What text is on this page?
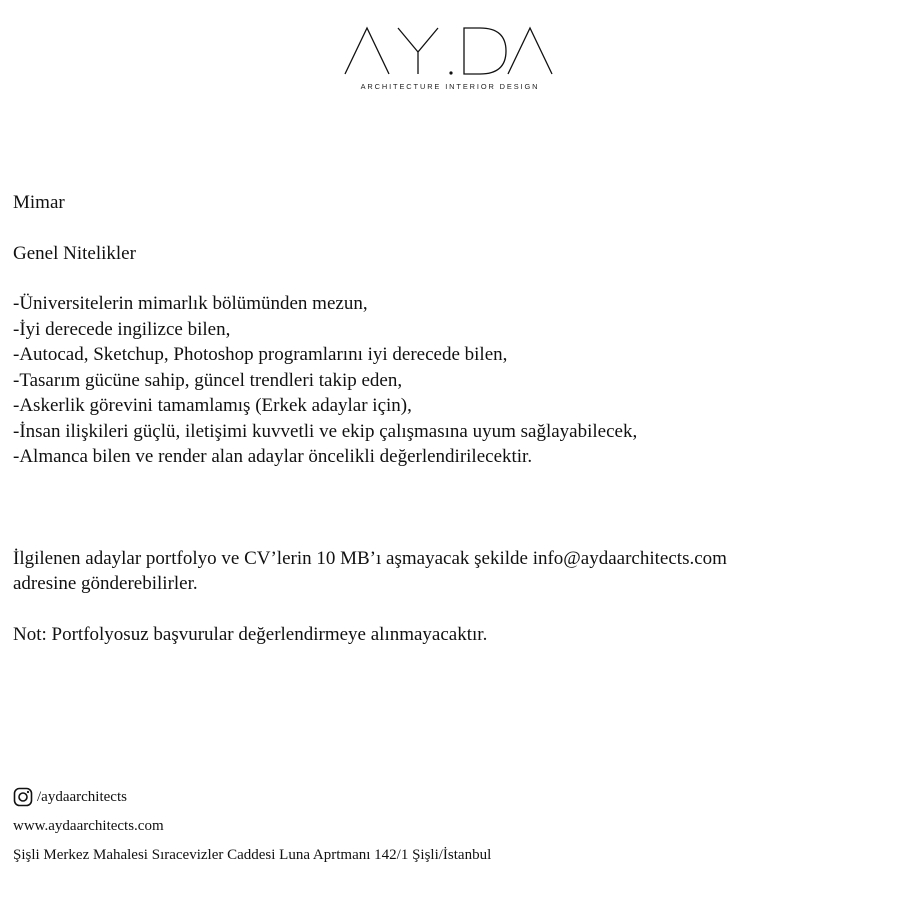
ARCHITECTURE INTERIOR DESIGN

Mimar

Genel Nitelikler

-Üniversitelerin mimarlık bölümünden mezun,
-İyi derecede ingilizce bilen,
-Autocad, Sketchup, Photoshop programlarını iyi derecede bilen,
-Tasarım gücüne sahip, güncel trendleri takip eden,
-Askerlik görevini tamamlamış (Erkek adaylar için),
-İnsan ilişkileri güçlü, iletişimi kuvvetli ve ekip çalışmasına uyum sağlayabilecek,
-Almanca bilen ve render alan adaylar öncelikli değerlendirilecektir.

İlgilenen adaylar portfolyo ve CV’lerin 10 MB’ı aşmayacak şekilde info@aydaarchitects.com
adresine gönderebilirler.

Not: Portfolyosuz başvurular değerlendirmeye alınmayacaktır.

/aydaarchitects
www.aydaarchitects.com
Şişli Merkez Mahalesi Sıracevizler Caddesi Luna Aprtmanı 142/1 Şişli/İstanbul
